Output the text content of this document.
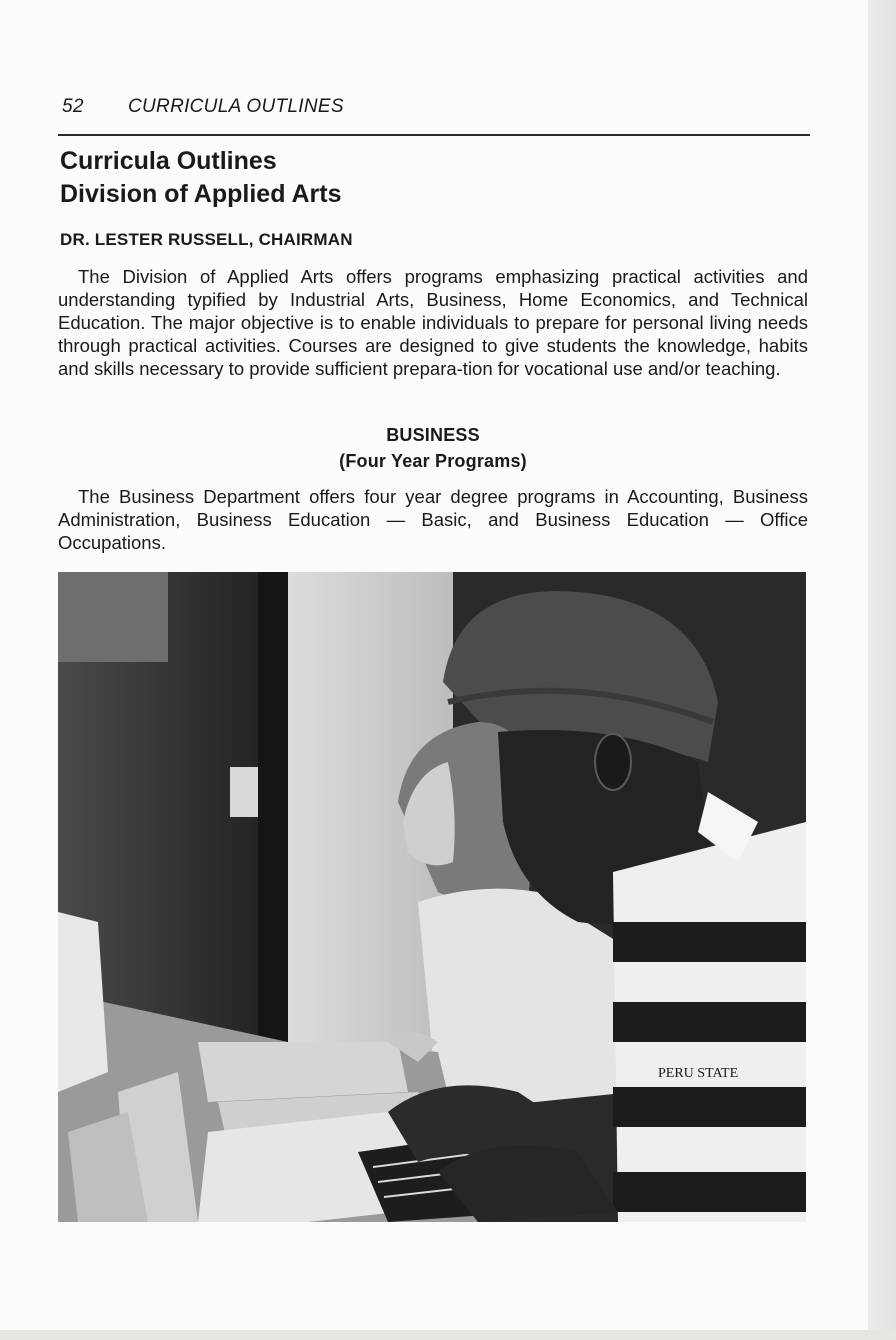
52 CURRICULA OUTLINES
Curricula Outlines
Division of Applied Arts
DR. LESTER RUSSELL, CHAIRMAN
The Division of Applied Arts offers programs emphasizing practical activities and understanding typified by Industrial Arts, Business, Home Economics, and Technical Education. The major objective is to enable individuals to prepare for personal living needs through practical activities. Courses are designed to give students the knowledge, habits and skills necessary to provide sufficient prepara-tion for vocational use and/or teaching.
BUSINESS
(Four Year Programs)
The Business Department offers four year degree programs in Accounting, Business Administration, Business Education — Basic, and Business Education — Office Occupations.
PERU STATE
